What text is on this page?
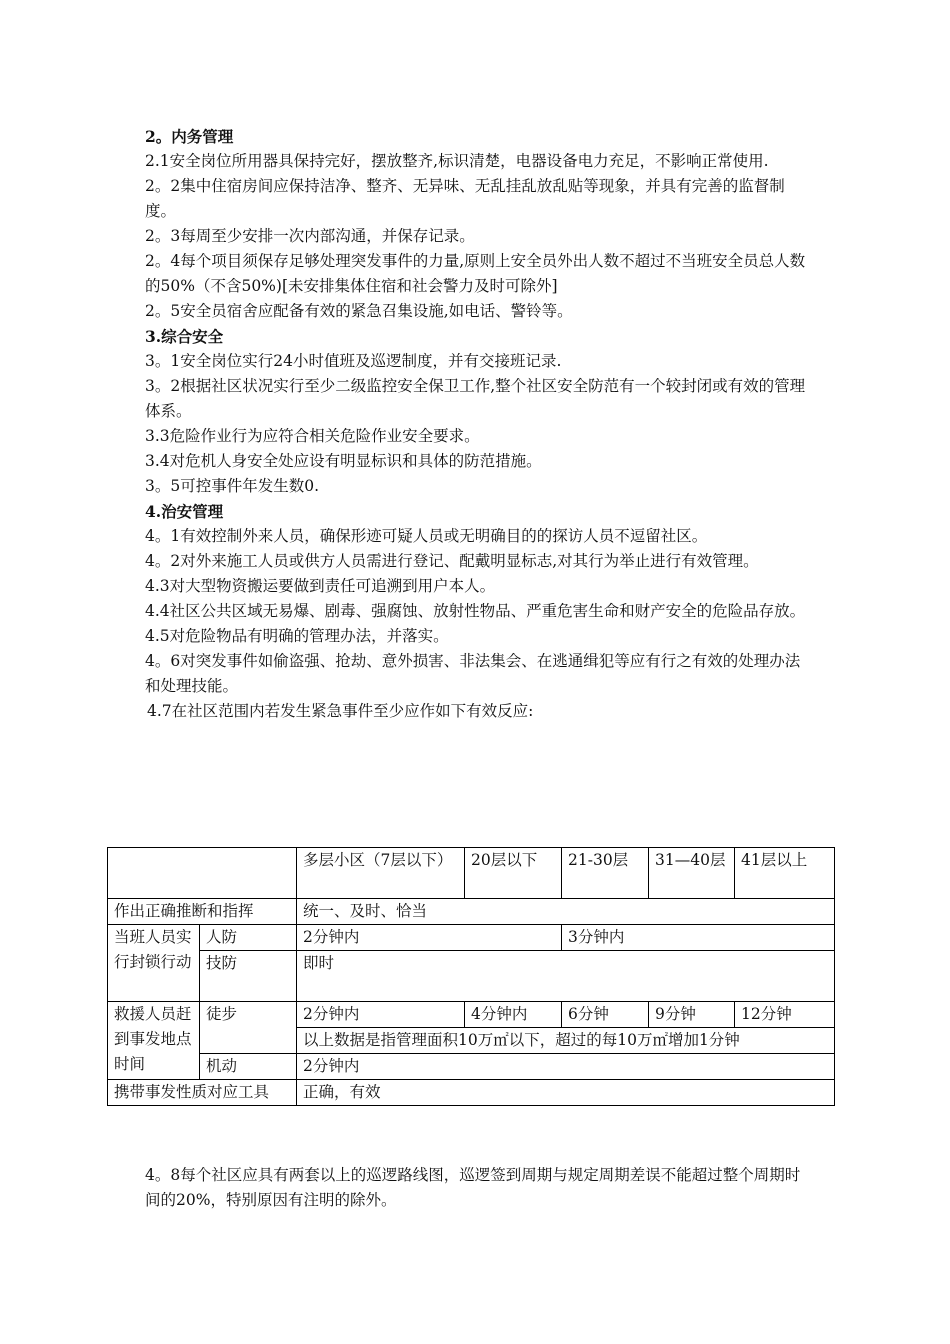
2。内务管理
2.1安全岗位所用器具保持完好，摆放整齐,标识清楚，电器设备电力充足，不影响正常使用.
2。2集中住宿房间应保持洁净、整齐、无异味、无乱挂乱放乱贴等现象，并具有完善的监督制度。
2。3每周至少安排一次内部沟通，并保存记录。
2。4每个项目须保存足够处理突发事件的力量,原则上安全员外出人数不超过不当班安全员总人数的50%（不含50%)[未安排集体住宿和社会警力及时可除外]
2。5安全员宿舍应配备有效的紧急召集设施,如电话、警铃等。
3.综合安全
3。1安全岗位实行24小时值班及巡逻制度，并有交接班记录.
3。2根据社区状况实行至少二级监控安全保卫工作,整个社区安全防范有一个较封闭或有效的管理体系。
3.3危险作业行为应符合相关危险作业安全要求。
3.4对危机人身安全处应设有明显标识和具体的防范措施。
3。5可控事件年发生数0.
4.治安管理
4。1有效控制外来人员，确保形迹可疑人员或无明确目的的探访人员不逗留社区。
4。2对外来施工人员或供方人员需进行登记、配戴明显标志,对其行为举止进行有效管理。
4.3对大型物资搬运要做到责任可追溯到用户本人。
4.4社区公共区域无易爆、剧毒、强腐蚀、放射性物品、严重危害生命和财产安全的危险品存放。
4.5对危险物品有明确的管理办法，并落实。
4。6对突发事件如偷盗强、抢劫、意外损害、非法集会、在逃通缉犯等应有行之有效的处理办法和处理技能。
4.7在社区范围内若发生紧急事件至少应作如下有效反应:
		多层小区（7层以下）	20层以下	21-30层	31—40层	41层以上
作出正确推断和指挥		统一、及时、恰当				
当班人员实行封锁行动	人防	2分钟内		3分钟内		
	技防	即时				
救援人员赶到事发地点时间	徒步	2分钟内	4分钟内	6分钟	9分钟	12分钟
		以上数据是指管理面积10万㎡以下，超过的每10万㎡增加1分钟				
	机动	2分钟内				
携带事发性质对应工具		正确，有效				
4。8每个社区应具有两套以上的巡逻路线图，巡逻签到周期与规定周期差误不能超过整个周期时间的20%，特别原因有注明的除外。
